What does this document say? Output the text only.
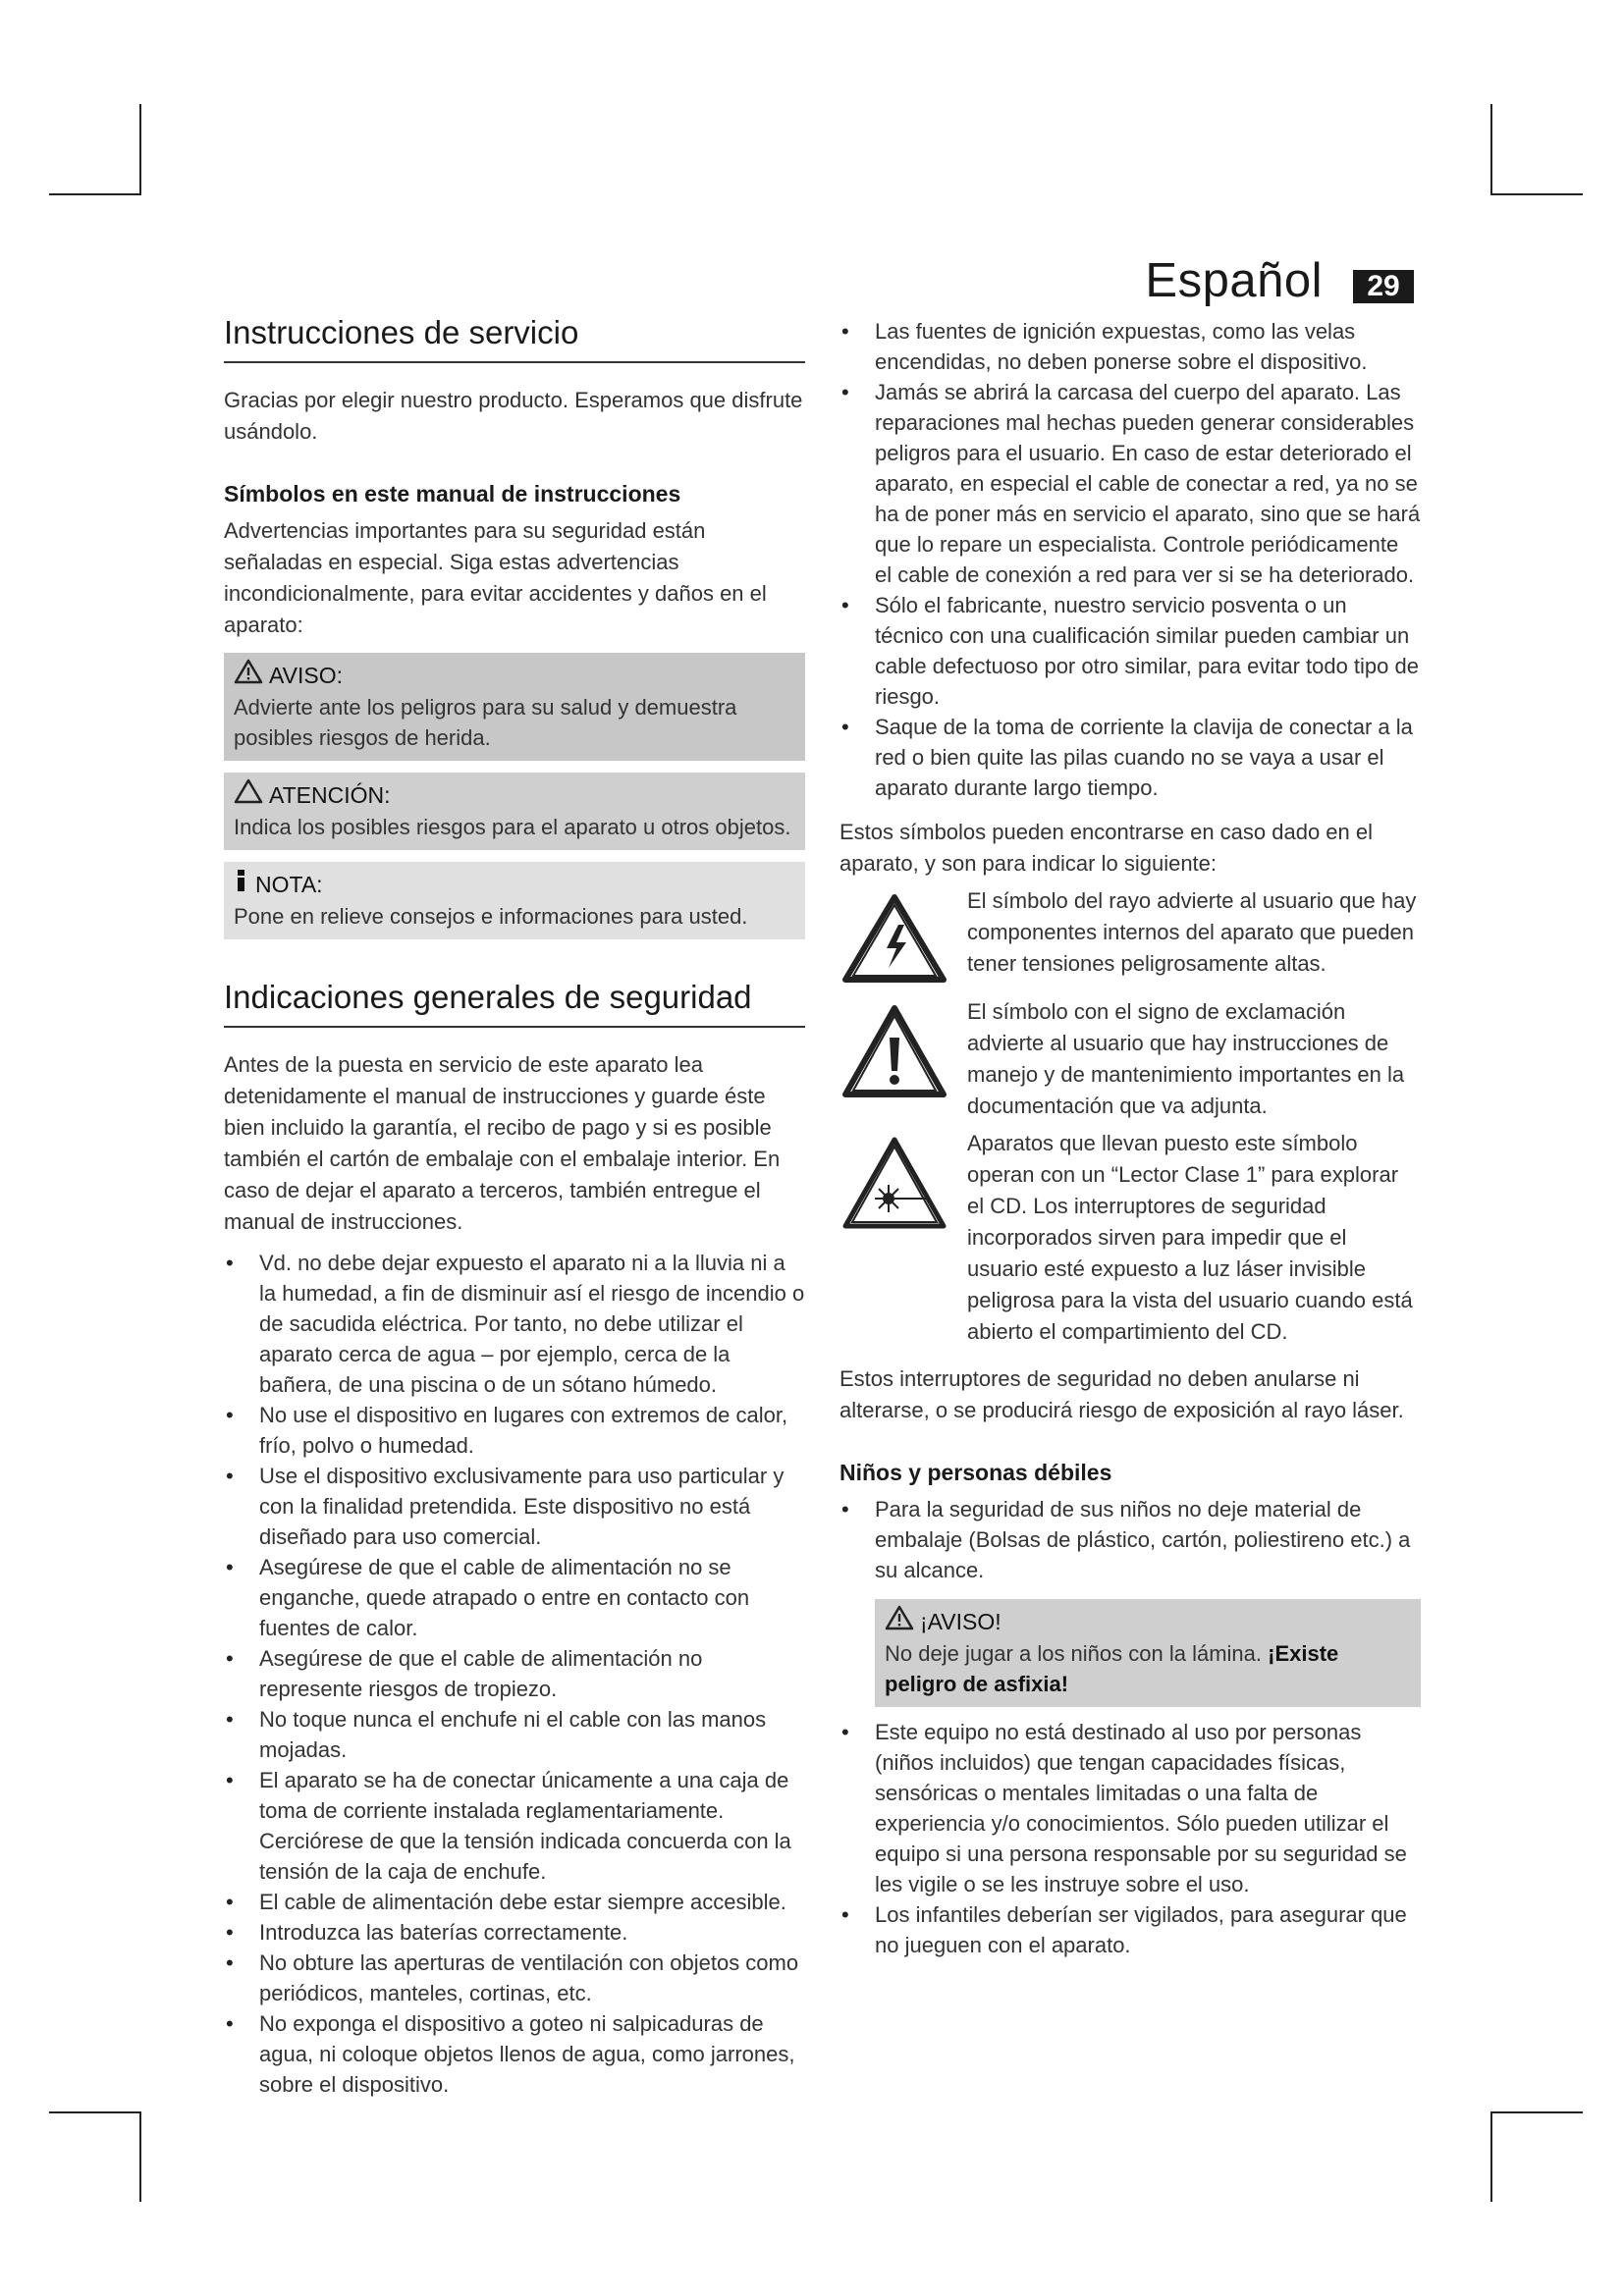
Español	29
Instrucciones de servicio

Gracias por elegir nuestro producto. Esperamos que disfrute usándolo.

Símbolos en este manual de instrucciones

Advertencias importantes para su seguridad están señaladas en especial. Siga estas advertencias incondicionalmente, para evitar accidentes y daños en el aparato:

AVISO:
Advierte ante los peligros para su salud y demuestra posibles riesgos de herida.
ATENCIÓN:
Indica los posibles riesgos para el aparato u otros objetos.
NOTA:
Pone en relieve consejos e informaciones para usted.
Indicaciones generales de seguridad

Antes de la puesta en servicio de este aparato lea detenidamente el manual de instrucciones y guarde éste bien incluido la garantía, el recibo de pago y si es posible también el cartón de embalaje con el embalaje interior. En caso de dejar el aparato a terceros, también entregue el manual de instrucciones.

• Vd. no debe dejar expuesto el aparato ni a la lluvia ni a la humedad, a fin de disminuir así el riesgo de incendio o de sacudida eléctrica. Por tanto, no debe utilizar el aparato cerca de agua – por ejemplo, cerca de la bañera, de una piscina o de un sótano húmedo.
• No use el dispositivo en lugares con extremos de calor, frío, polvo o humedad.
• Use el dispositivo exclusivamente para uso particular y con la finalidad pretendida. Este dispositivo no está diseñado para uso comercial.
• Asegúrese de que el cable de alimentación no se enganche, quede atrapado o entre en contacto con fuentes de calor.
• Asegúrese de que el cable de alimentación no represente riesgos de tropiezo.
• No toque nunca el enchufe ni el cable con las manos mojadas.
• El aparato se ha de conectar únicamente a una caja de toma de corriente instalada reglamentariamente. Cerciórese de que la tensión indicada concuerda con la tensión de la caja de enchufe.
• El cable de alimentación debe estar siempre accesible.
• Introduzca las baterías correctamente.
• No obture las aperturas de ventilación con objetos como periódicos, manteles, cortinas, etc.
• No exponga el dispositivo a goteo ni salpicaduras de agua, ni coloque objetos llenos de agua, como jarrones, sobre el dispositivo.
• Las fuentes de ignición expuestas, como las velas encendidas, no deben ponerse sobre el dispositivo.
• Jamás se abrirá la carcasa del cuerpo del aparato. Las reparaciones mal hechas pueden generar considerables peligros para el usuario. En caso de estar deteriorado el aparato, en especial el cable de conectar a red, ya no se ha de poner más en servicio el aparato, sino que se hará que lo repare un especialista. Controle periódicamente el cable de conexión a red para ver si se ha deteriorado.
• Sólo el fabricante, nuestro servicio posventa o un técnico con una cualificación similar pueden cambiar un cable defectuoso por otro similar, para evitar todo tipo de riesgo.
• Saque de la toma de corriente la clavija de conectar a la red o bien quite las pilas cuando no se vaya a usar el aparato durante largo tiempo.

Estos símbolos pueden encontrarse en caso dado en el aparato, y son para indicar lo siguiente:

El símbolo del rayo advierte al usuario que hay componentes internos del aparato que pueden tener tensiones peligrosamente altas.

El símbolo con el signo de exclamación advierte al usuario que hay instrucciones de manejo y de mantenimiento importantes en la documentación que va adjunta.

Aparatos que llevan puesto este símbolo operan con un “Lector Clase 1” para explorar el CD. Los interruptores de seguridad incorporados sirven para impedir que el usuario esté expuesto a luz láser invisible peligrosa para la vista del usuario cuando está abierto el compartimiento del CD.

Estos interruptores de seguridad no deben anularse ni alterarse, o se producirá riesgo de exposición al rayo láser.

Niños y personas débiles
• Para la seguridad de sus niños no deje material de embalaje (Bolsas de plástico, cartón, poliestireno etc.) a su alcance.
¡AVISO!
No deje jugar a los niños con la lámina. ¡Existe peligro de asfixia!
• Este equipo no está destinado al uso por personas (niños incluidos) que tengan capacidades físicas, sensóricas o mentales limitadas o una falta de experiencia y/o conocimientos. Sólo pueden utilizar el equipo si una persona responsable por su seguridad se les vigile o se les instruye sobre el uso.
• Los infantiles deberían ser vigilados, para asegurar que no jueguen con el aparato.
